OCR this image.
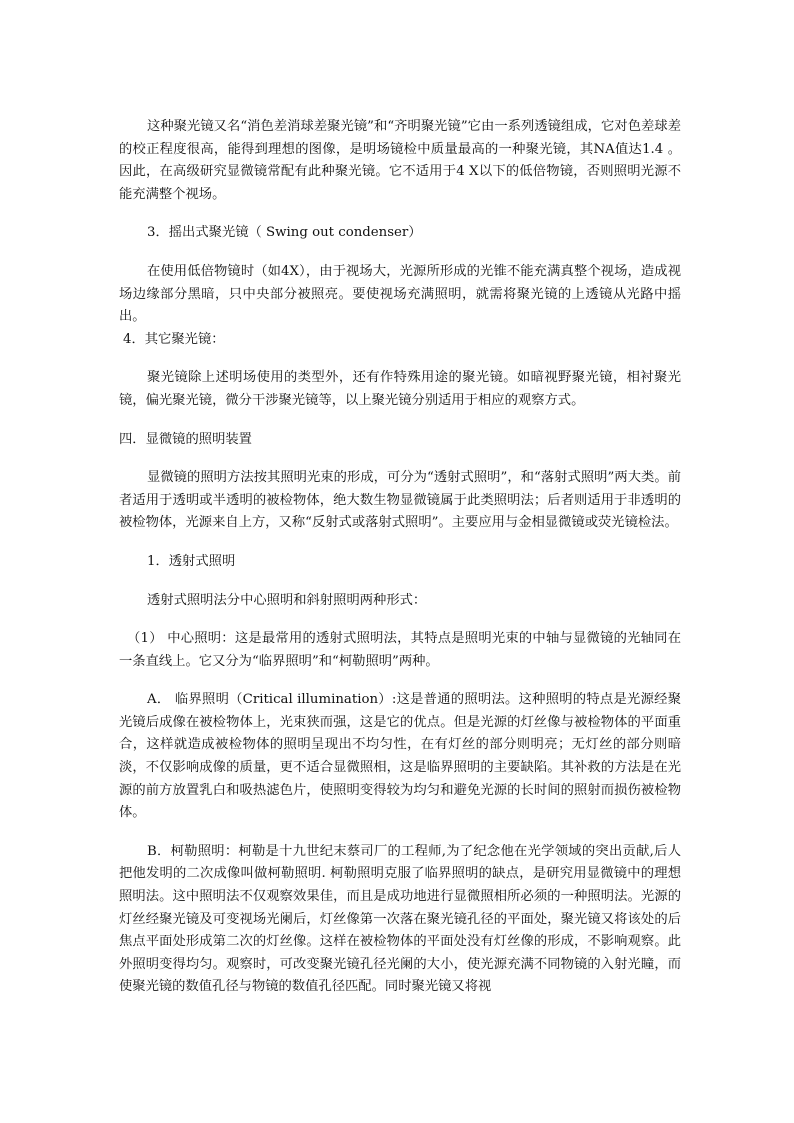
这种聚光镜又名“消色差消球差聚光镜”和“齐明聚光镜”它由一系列透镜组成，它对色差球差的校正程度很高，能得到理想的图像，是明场镜检中质量最高的一种聚光镜，其NA值达1.4 。因此，在高级研究显微镜常配有此种聚光镜。它不适用于4 X以下的低倍物镜，否则照明光源不能充满整个视场。

3．摇出式聚光镜（ Swing out condenser）

在使用低倍物镜时（如4X），由于视场大，光源所形成的光锥不能充满真整个视场，造成视场边缘部分黑暗，只中央部分被照亮。要使视场充满照明，就需将聚光镜的上透镜从光路中摇出。

4．其它聚光镜：

聚光镜除上述明场使用的类型外，还有作特殊用途的聚光镜。如暗视野聚光镜，相衬聚光镜，偏光聚光镜，微分干涉聚光镜等，以上聚光镜分别适用于相应的观察方式。

四．显微镜的照明装置

显微镜的照明方法按其照明光束的形成，可分为“透射式照明”，和“落射式照明”两大类。前者适用于透明或半透明的被检物体，绝大数生物显微镜属于此类照明法；后者则适用于非透明的被检物体，光源来自上方，又称“反射式或落射式照明”。主要应用与金相显微镜或荧光镜检法。

1．透射式照明

透射式照明法分中心照明和斜射照明两种形式：

（1） 中心照明：这是最常用的透射式照明法，其特点是照明光束的中轴与显微镜的光轴同在一条直线上。它又分为“临界照明”和“柯勒照明”两种。

A． 临界照明（Critical illumination）:这是普通的照明法。这种照明的特点是光源经聚光镜后成像在被检物体上，光束狭而强，这是它的优点。但是光源的灯丝像与被检物体的平面重合，这样就造成被检物体的照明呈现出不均匀性，在有灯丝的部分则明亮；无灯丝的部分则暗淡，不仅影响成像的质量，更不适合显微照相，这是临界照明的主要缺陷。其补救的方法是在光源的前方放置乳白和吸热滤色片，使照明变得较为均匀和避免光源的长时间的照射而损伤被检物体。

B．柯勒照明：柯勒是十九世纪末蔡司厂的工程师,为了纪念他在光学领域的突出贡献,后人把他发明的二次成像叫做柯勒照明. 柯勒照明克服了临界照明的缺点，是研究用显微镜中的理想照明法。这中照明法不仅观察效果佳，而且是成功地进行显微照相所必须的一种照明法。光源的灯丝经聚光镜及可变视场光阑后，灯丝像第一次落在聚光镜孔径的平面处，聚光镜又将该处的后焦点平面处形成第二次的灯丝像。这样在被检物体的平面处没有灯丝像的形成，不影响观察。此外照明变得均匀。观察时，可改变聚光镜孔径光阑的大小，使光源充满不同物镜的入射光瞳，而使聚光镜的数值孔径与物镜的数值孔径匹配。同时聚光镜又将视
